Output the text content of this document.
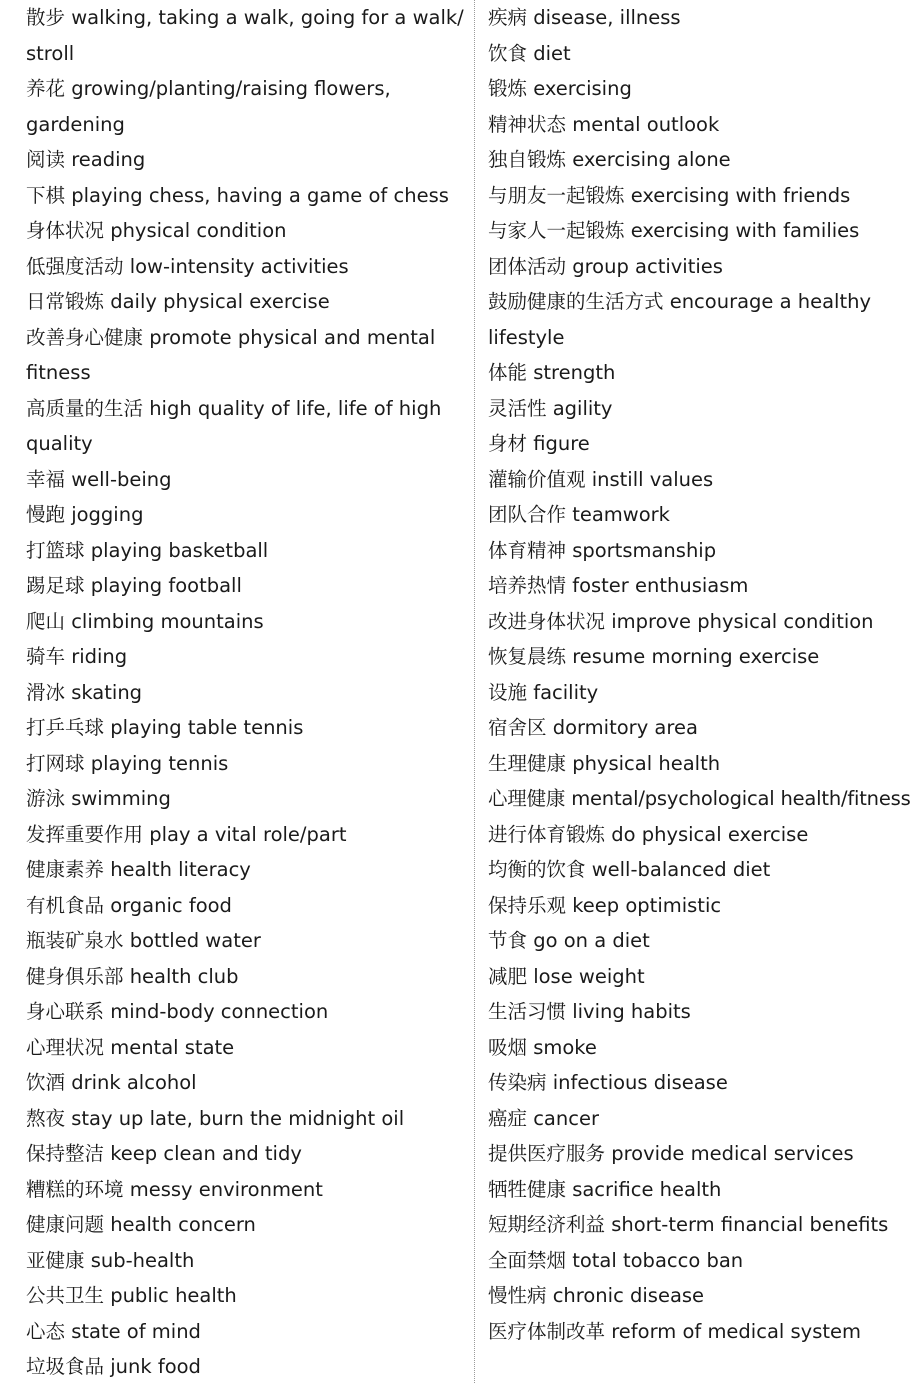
散步 walking, taking a walk, going for a walk/ stroll
养花 growing/planting/raising flowers, gardening
阅读 reading
下棋 playing chess, having a game of chess
身体状况 physical condition
低强度活动 low-intensity activities
日常锻炼 daily physical exercise
改善身心健康 promote physical and mental fitness
高质量的生活 high quality of life, life of high quality
幸福 well-being
慢跑 jogging
打篮球 playing basketball
踢足球 playing football
爬山 climbing mountains
骑车 riding
滑冰 skating
打乒乓球 playing table tennis
打网球 playing tennis
游泳 swimming
发挥重要作用 play a vital role/part
健康素养 health literacy
有机食品 organic food
瓶装矿泉水 bottled water
健身俱乐部 health club
身心联系 mind-body connection
心理状况 mental state
饮酒 drink alcohol
熬夜 stay up late, burn the midnight oil
保持整洁 keep clean and tidy
糟糕的环境 messy environment
健康问题 health concern
亚健康 sub-health
公共卫生 public health
心态 state of mind
垃圾食品 junk food
疾病 disease, illness
饮食 diet
锻炼 exercising
精神状态 mental outlook
独自锻炼 exercising alone
与朋友一起锻炼 exercising with friends
与家人一起锻炼 exercising with families
团体活动 group activities
鼓励健康的生活方式 encourage a healthy lifestyle
体能 strength
灵活性 agility
身材 figure
灌输价值观 instill values
团队合作 teamwork
体育精神 sportsmanship
培养热情 foster enthusiasm
改进身体状况 improve physical condition
恢复晨练 resume morning exercise
设施 facility
宿舍区 dormitory area
生理健康 physical health
心理健康 mental/psychological health/fitness
进行体育锻炼 do physical exercise
均衡的饮食 well-balanced diet
保持乐观 keep optimistic
节食 go on a diet
减肥 lose weight
生活习惯 living habits
吸烟 smoke
传染病 infectious disease
癌症 cancer
提供医疗服务 provide medical services
牺牲健康 sacrifice health
短期经济利益 short-term financial benefits
全面禁烟 total tobacco ban
慢性病 chronic disease
医疗体制改革 reform of medical system
